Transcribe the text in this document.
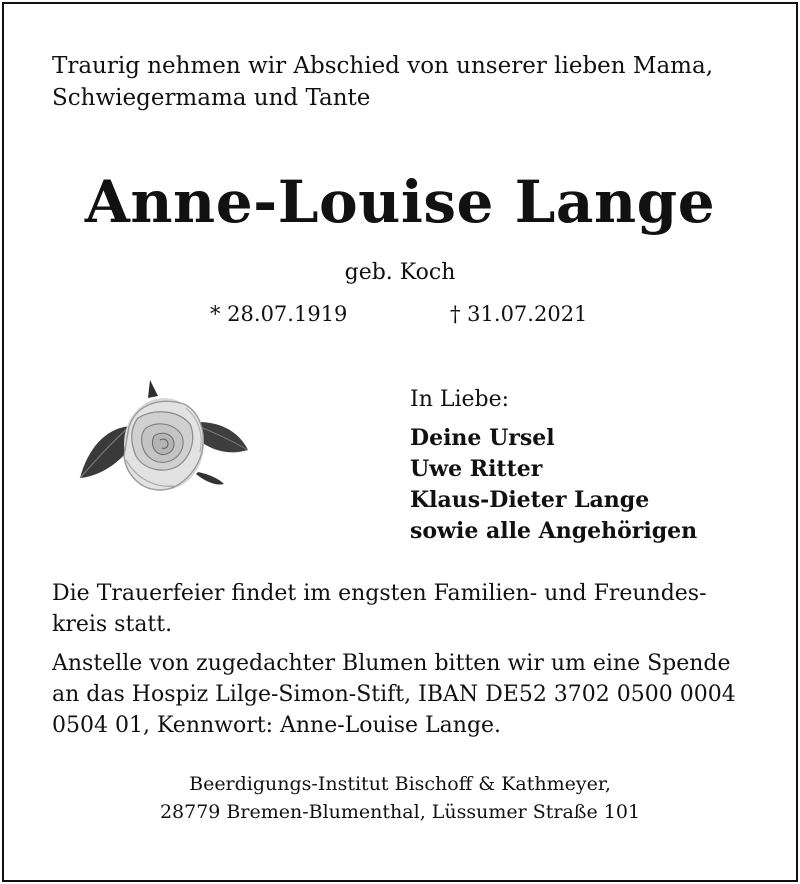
Traurig nehmen wir Abschied von unserer lieben Mama,
Schwiegermama und Tante
Anne-Louise Lange
geb. Koch
* 28.07.1919	† 31.07.2021
In Liebe:
Deine Ursel
Uwe Ritter
Klaus-Dieter Lange
sowie alle Angehörigen
Die Trauerfeier findet im engsten Familien- und Freundes-
kreis statt.
Anstelle von zugedachter Blumen bitten wir um eine Spende
an das Hospiz Lilge-Simon-Stift, IBAN DE52 3702 0500 0004
0504 01, Kennwort: Anne-Louise Lange.
Beerdigungs-Institut Bischoff & Kathmeyer,
28779 Bremen-Blumenthal, Lüssumer Straße 101
